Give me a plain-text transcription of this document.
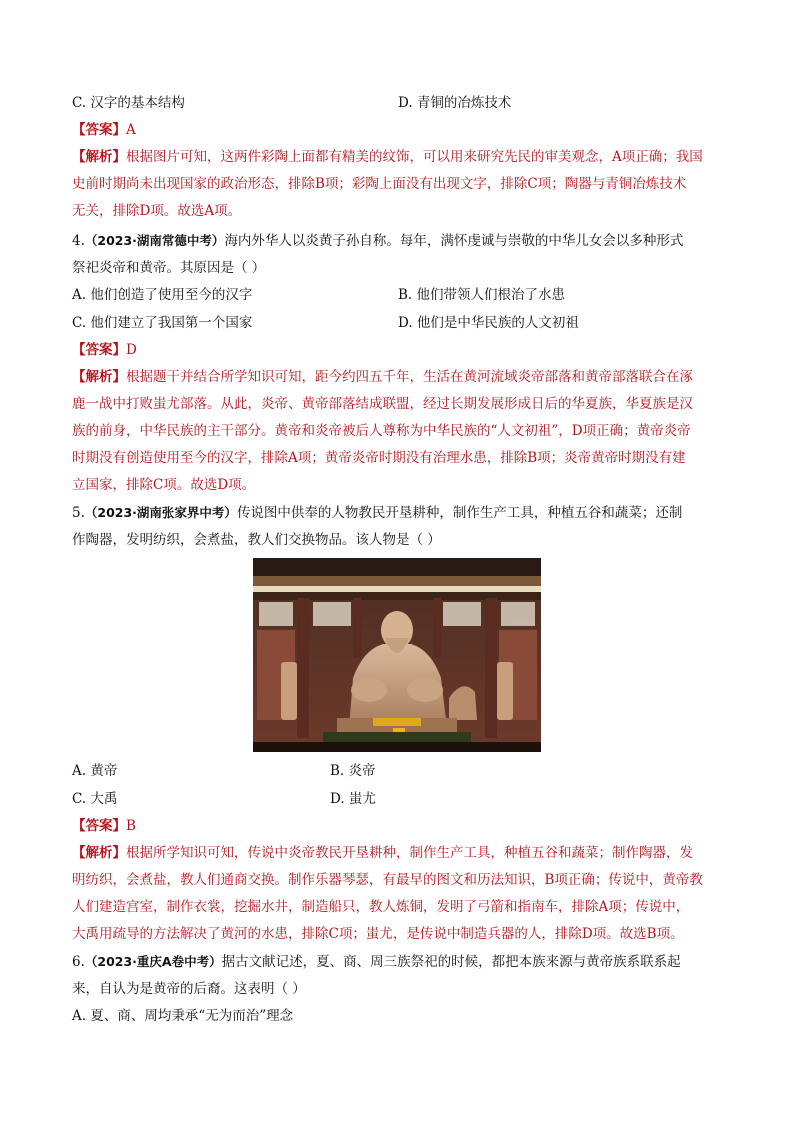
C. 汉字的基本结构	D. 青铜的冶炼技术
【答案】A
【解析】根据图片可知，这两件彩陶上面都有精美的纹饰，可以用来研究先民的审美观念，A项正确；我国
史前时期尚未出现国家的政治形态，排除B项；彩陶上面没有出现文字，排除C项；陶器与青铜冶炼技术
无关，排除D项。故选A项。
4.（2023·湖南常德中考）海内外华人以炎黄子孙自称。每年，满怀虔诚与崇敬的中华儿女会以多种形式
祭祀炎帝和黄帝。其原因是（ ）
A. 他们创造了使用至今的汉字	B. 他们带领人们根治了水患
C. 他们建立了我国第一个国家	D. 他们是中华民族的人文初祖
【答案】D
【解析】根据题干并结合所学知识可知，距今约四五千年，生活在黄河流域炎帝部落和黄帝部落联合在涿
鹿一战中打败蚩尤部落。从此，炎帝、黄帝部落结成联盟，经过长期发展形成日后的华夏族，华夏族是汉
族的前身，中华民族的主干部分。黄帝和炎帝被后人尊称为中华民族的“人文初祖”，D项正确；黄帝炎帝
时期没有创造使用至今的汉字，排除A项；黄帝炎帝时期没有治理水患，排除B项；炎帝黄帝时期没有建
立国家，排除C项。故选D项。
5.（2023·湖南张家界中考）传说图中供奉的人物教民开垦耕种，制作生产工具，种植五谷和蔬菜；还制
作陶器，发明纺织，会煮盐，教人们交换物品。该人物是（ ）
A. 黄帝	B. 炎帝
C. 大禹	D. 蚩尤
【答案】B
【解析】根据所学知识可知，传说中炎帝教民开垦耕种，制作生产工具，种植五谷和蔬菜；制作陶器，发
明纺织，会煮盐，教人们通商交换。制作乐器琴瑟，有最早的图文和历法知识，B项正确；传说中，黄帝教
人们建造宫室，制作衣裳，挖掘水井，制造船只，教人炼铜，发明了弓箭和指南车，排除A项；传说中，
大禹用疏导的方法解决了黄河的水患，排除C项；蚩尤，是传说中制造兵器的人，排除D项。故选B项。
6.（2023·重庆A卷中考）据古文献记述，夏、商、周三族祭祀的时候，都把本族来源与黄帝族系联系起
来，自认为是黄帝的后裔。这表明（ ）
A. 夏、商、周均秉承“无为而治”理念
